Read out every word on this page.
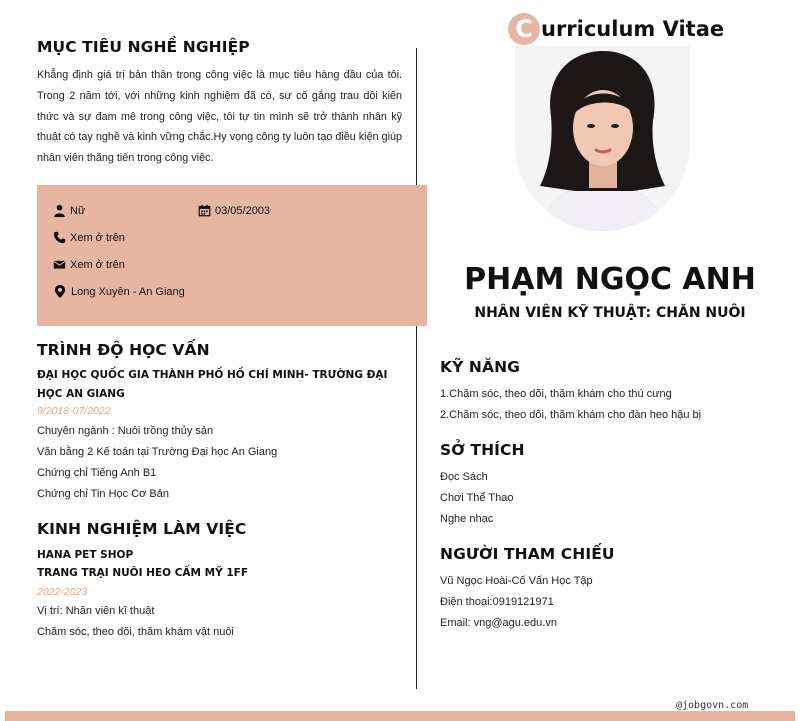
MỤC TIÊU NGHỀ NGHIỆP
Khẳng định giá trị bản thân trong công việc là mục tiêu hàng đầu của tôi. Trong 2 năm tới, với những kinh nghiệm đã có, sự cố gắng trau dồi kiến thức và sự đam mê trong công việc, tôi tự tin mình sẽ trở thành nhân kỹ thuật có tay nghề và kinh vững chắc.Hy vọng công ty luôn tạo điều kiện giúp nhân viên thăng tiến trong công việc.
Nữ	03/05/2003
Xem ở trên
Xem ở trên
Long Xuyên - An Giang
TRÌNH ĐỘ HỌC VẤN
ĐẠI HỌC QUỐC GIA THÀNH PHỐ HỒ CHÍ MINH- TRƯỜNG ĐẠI HỌC AN GIANG
9/2018-07/2022
Chuyên ngành : Nuôi trồng thủy sản
Văn bằng 2 Kế toán tại Trường Đại học An Giang
Chứng chỉ Tiếng Anh B1
Chứng chỉ Tin Học Cơ Bản
KINH NGHIỆM LÀM VIỆC
HANA PET SHOP
TRANG TRẠI NUÔI HEO CẤM MỸ 1FF
2022-2023
Vị trí: Nhân viên kĩ thuật
Chăm sóc, theo dõi, thăm khám vật nuôi
C urriculum Vitae
PHẠM NGỌC ANH
NHÂN VIÊN KỸ THUẬT: CHĂN NUÔI
KỸ NĂNG
1.Chăm sóc, theo dõi, thăm khám cho thú cưng
2.Chăm sóc, theo dõi, thăm khám cho đàn heo hậu bị
SỞ THÍCH
Đọc Sách
Chơi Thể Thao
Nghe nhạc
NGƯỜI THAM CHIẾU
Vũ Ngọc Hoài-Cố Vấn Học Tập
Điện thoại:0919121971
Email: vng@agu.edu.vn
@jobgovn.com
